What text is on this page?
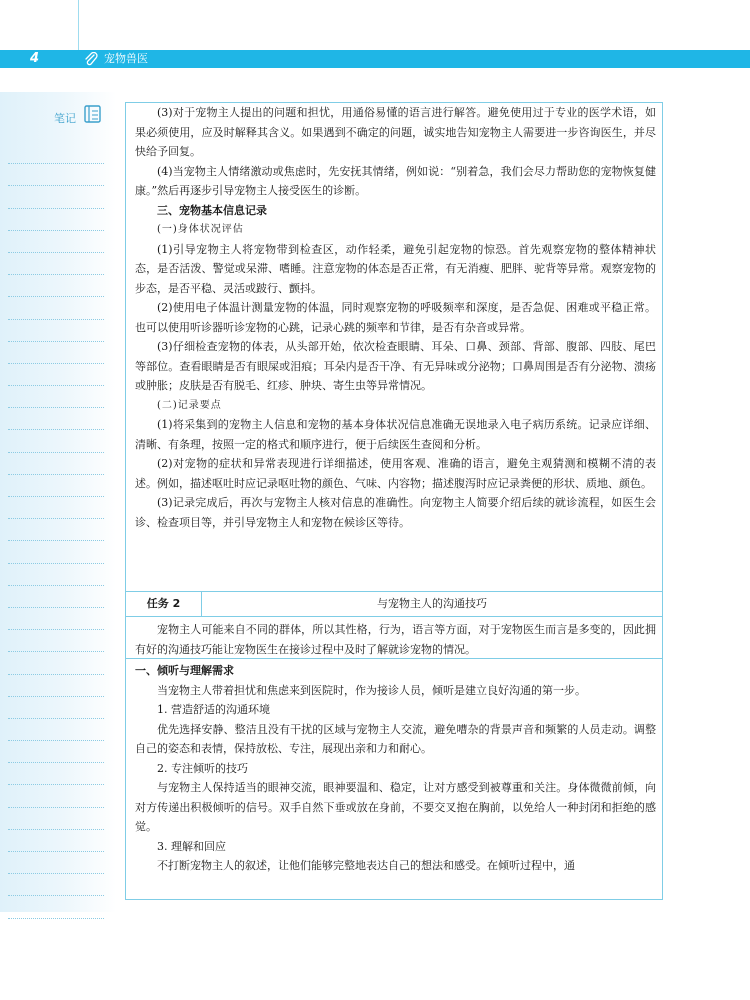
4	宠物兽医
笔记	(3)对于宠物主人提出的问题和担忧，用通俗易懂的语言进行解答。避免使用过于专业的医学术语，如果必须使用，应及时解释其含义。如果遇到不确定的问题，诚实地告知宠物主人需要进一步咨询医生，并尽快给予回复。

(4)当宠物主人情绪激动或焦虑时，先安抚其情绪，例如说：“别着急，我们会尽力帮助您的宠物恢复健康。”然后再逐步引导宠物主人接受医生的诊断。

三、宠物基本信息记录
(一)身体状况评估

(1)引导宠物主人将宠物带到检查区，动作轻柔，避免引起宠物的惊恐。首先观察宠物的整体精神状态，是否活泼、警觉或呆滞、嗜睡。注意宠物的体态是否正常，有无消瘦、肥胖、驼背等异常。观察宠物的步态，是否平稳、灵活或跛行、颤抖。

(2)使用电子体温计测量宠物的体温，同时观察宠物的呼吸频率和深度，是否急促、困难或平稳正常。也可以使用听诊器听诊宠物的心跳，记录心跳的频率和节律，是否有杂音或异常。

(3)仔细检查宠物的体表，从头部开始，依次检查眼睛、耳朵、口鼻、颈部、背部、腹部、四肢、尾巴等部位。查看眼睛是否有眼屎或泪痕；耳朵内是否干净、有无异味或分泌物；口鼻周围是否有分泌物、溃疡或肿胀；皮肤是否有脱毛、红疹、肿块、寄生虫等异常情况。

(二)记录要点

(1)将采集到的宠物主人信息和宠物的基本身体状况信息准确无误地录入电子病历系统。记录应详细、清晰、有条理，按照一定的格式和顺序进行，便于后续医生查阅和分析。

(2)对宠物的症状和异常表现进行详细描述，使用客观、准确的语言，避免主观猜测和模糊不清的表述。例如，描述呕吐时应记录呕吐物的颜色、气味、内容物；描述腹泻时应记录粪便的形状、质地、颜色。

(3)记录完成后，再次与宠物主人核对信息的准确性。向宠物主人简要介绍后续的就诊流程，如医生会诊、检查项目等，并引导宠物主人和宠物在候诊区等待。

任务 2	与宠物主人的沟通技巧

宠物主人可能来自不同的群体，所以其性格，行为，语言等方面，对于宠物医生而言是多变的，因此拥有好的沟通技巧能让宠物医生在接诊过程中及时了解就诊宠物的情况。

一、倾听与理解需求

当宠物主人带着担忧和焦虑来到医院时，作为接诊人员，倾听是建立良好沟通的第一步。

1. 营造舒适的沟通环境

优先选择安静、整洁且没有干扰的区域与宠物主人交流，避免嘈杂的背景声音和频繁的人员走动。调整自己的姿态和表情，保持放松、专注，展现出亲和力和耐心。

2. 专注倾听的技巧

与宠物主人保持适当的眼神交流，眼神要温和、稳定，让对方感受到被尊重和关注。身体微微前倾，向对方传递出积极倾听的信号。双手自然下垂或放在身前，不要交叉抱在胸前，以免给人一种封闭和拒绝的感觉。

3. 理解和回应

不打断宠物主人的叙述，让他们能够完整地表达自己的想法和感受。在倾听过程中，通
